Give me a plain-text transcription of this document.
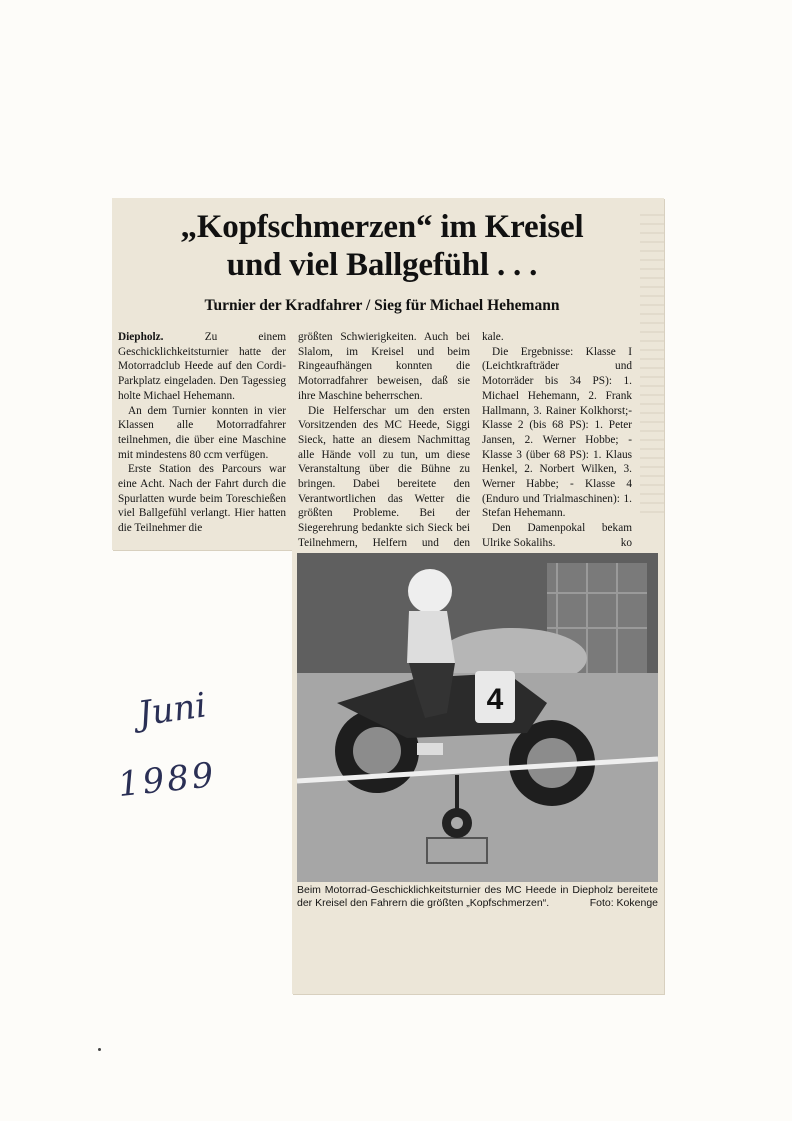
„Kopfschmerzen“ im Kreisel
und viel Ballgefühl . . .
Turnier der Kradfahrer / Sieg für Michael Hehemann

Diepholz.	Zu einem Geschicklichkeitsturnier hatte der Motorradclub Heede auf den Cordi-Parkplatz eingeladen. Den Tagessieg holte Michael Hehemann.

An dem Turnier konnten in vier Klassen alle Motorradfahrer teilnehmen, die über eine Maschine mit mindestens 80 ccm verfügen.

Erste Station des Parcours war eine Acht. Nach der Fahrt durch die Spurlatten wurde beim Toreschießen viel Ballgefühl verlangt. Hier hatten die Teilnehmer die

größten Schwierigkeiten. Auch bei Slalom, im Kreisel und beim Ringeaufhängen konnten die Motorradfahrer beweisen, daß sie ihre Maschine beherrschen.

Die Helferschar um den ersten Vorsitzenden des MC Heede, Siggi Sieck, hatte an diesem Nachmittag alle Hände voll zu tun, um diese Veranstaltung über die Bühne zu bringen. Dabei bereitete den Verantwortlichen das Wetter die größten Probleme. Bei der Siegerehrung bedankte sich Sieck bei Teilnehmern, Helfern und den

kale.

Die Ergebnisse: Klasse I (Leichtkrafträder und Motorräder bis 34 PS): 1. Michael Hehemann, 2. Frank Hallmann, 3. Rainer Kolkhorst;- Klasse 2 (bis 68 PS): 1. Peter Jansen, 2. Werner Hobbe; - Klasse 3 (über 68 PS): 1. Klaus Henkel, 2. Norbert Wilken, 3. Werner Habbe; - Klasse 4 (Enduro und Trialmaschinen): 1. Stefan Hehemann.

Den Damenpokal bekam Ulrike Sokalihs.	ko

4

Beim Motorrad-Geschicklichkeitsturnier des MC Heede in Diepholz bereitete der Kreisel den Fahrern die größten „Kopfschmerzen“.	Foto: Kokenge

Juni
1989
